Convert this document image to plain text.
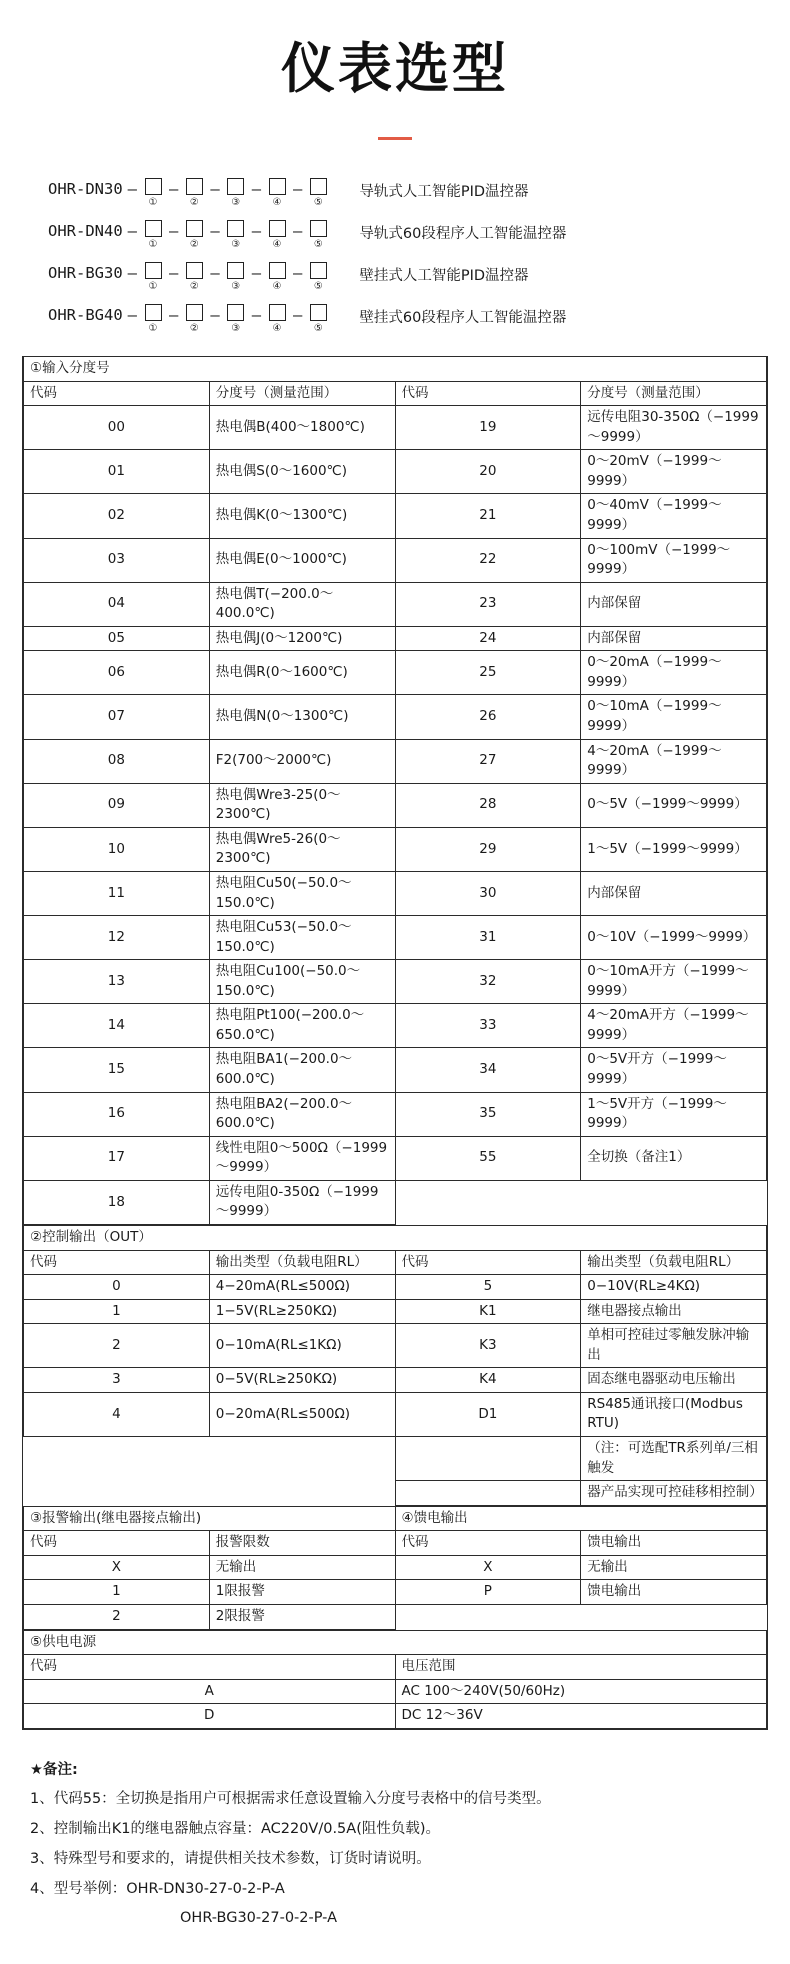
仪表选型
OHR-DN30 –
①
–
②
–
③
–
④
–
⑤
导轨式人工智能PID温控器
OHR-DN40 –
①
–
②
–
③
–
④
–
⑤
导轨式60段程序人工智能温控器
OHR-BG30 –
①
–
②
–
③
–
④
–
⑤
壁挂式人工智能PID温控器
OHR-BG40 –
①
–
②
–
③
–
④
–
⑤
壁挂式60段程序人工智能温控器
①输入分度号			
代码	分度号（测量范围）	代码	分度号（测量范围）
00	热电偶B(400～1800℃)	19	远传电阻30-350Ω（−1999～9999）
01	热电偶S(0～1600℃)	20	0～20mV（−1999～9999）
02	热电偶K(0～1300℃)	21	0～40mV（−1999～9999）
03	热电偶E(0～1000℃)	22	0～100mV（−1999～9999）
04	热电偶T(−200.0～400.0℃)	23	内部保留
05	热电偶J(0～1200℃)	24	内部保留
06	热电偶R(0～1600℃)	25	0～20mA（−1999～9999）
07	热电偶N(0～1300℃)	26	0～10mA（−1999～9999）
08	F2(700～2000℃)	27	4～20mA（−1999～9999）
09	热电偶Wre3-25(0～2300℃)	28	0～5V（−1999～9999）
10	热电偶Wre5-26(0～2300℃)	29	1～5V（−1999～9999）
11	热电阻Cu50(−50.0～150.0℃)	30	内部保留
12	热电阻Cu53(−50.0～150.0℃)	31	0～10V（−1999～9999）
13	热电阻Cu100(−50.0～150.0℃)	32	0～10mA开方（−1999～9999）
14	热电阻Pt100(−200.0～650.0℃)	33	4～20mA开方（−1999～9999）
15	热电阻BA1(−200.0～600.0℃)	34	0～5V开方（−1999～9999）
16	热电阻BA2(−200.0～600.0℃)	35	1～5V开方（−1999～9999）
17	线性电阻0～500Ω（−1999～9999）	55	全切换（备注1）
18	远传电阻0-350Ω（−1999～9999）		
②控制输出（OUT）			
代码	输出类型（负载电阻RL）	代码	输出类型（负载电阻RL）
0	4−20mA(RL≤500Ω)	5	0−10V(RL≥4KΩ)
1	1−5V(RL≥250KΩ)	K1	继电器接点输出
2	0−10mA(RL≤1KΩ)	K3	单相可控硅过零触发脉冲输出
3	0−5V(RL≥250KΩ)	K4	固态继电器驱动电压输出
4	0−20mA(RL≤500Ω)	D1	RS485通讯接口(Modbus RTU)
			（注：可选配TR系列单/三相触发
			器产品实现可控硅移相控制）
③报警输出(继电器接点输出)		④馈电输出	
代码	报警限数	代码	馈电输出
X	无输出	X	无输出
1	1限报警	P	馈电输出
2	2限报警		
⑤供电电源	
代码	电压范围
A	AC 100～240V(50/60Hz)
D	DC 12～36V
★备注:
1、代码55：全切换是指用户可根据需求任意设置输入分度号表格中的信号类型。
2、控制输出K1的继电器触点容量：AC220V/0.5A(阻性负载)。
3、特殊型号和要求的，请提供相关技术参数，订货时请说明。
4、型号举例：OHR-DN30-27-0-2-P-A
OHR-BG30-27-0-2-P-A
